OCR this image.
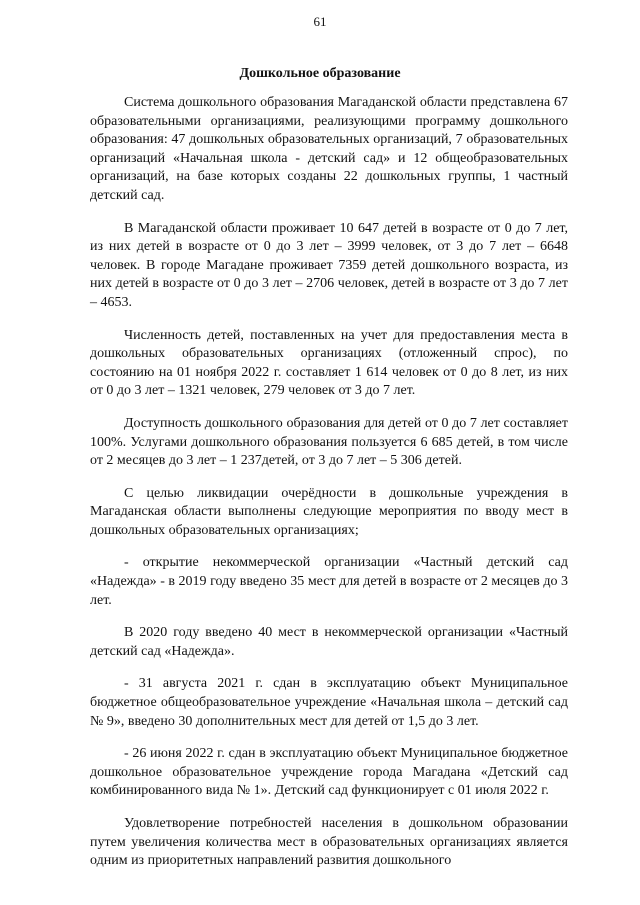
61
Дошкольное образование

Система дошкольного образования Магаданской области представлена 67 образовательными организациями, реализующими программу дошкольного образования: 47 дошкольных образовательных организаций, 7 образовательных организаций «Начальная школа - детский сад» и 12 общеобразовательных организаций, на базе которых созданы 22 дошкольных группы, 1 частный детский сад.

В Магаданской области проживает 10 647 детей в возрасте от 0 до 7 лет, из них детей в возрасте от 0 до 3 лет – 3999 человек, от 3 до 7 лет – 6648 человек. В городе Магадане проживает 7359 детей дошкольного возраста, из них детей в возрасте от 0 до 3 лет – 2706 человек, детей в возрасте от 3 до 7 лет – 4653.

Численность детей, поставленных на учет для предоставления места в дошкольных образовательных организациях (отложенный спрос), по состоянию на 01 ноября 2022 г. составляет 1 614 человек от 0 до 8 лет, из них от 0 до 3 лет – 1321 человек, 279 человек от 3 до 7 лет.

Доступность дошкольного образования для детей от 0 до 7 лет составляет 100%. Услугами дошкольного образования пользуется 6 685 детей, в том числе от 2 месяцев до 3 лет – 1 237детей, от 3 до 7 лет – 5 306 детей.

С целью ликвидации очерёдности в дошкольные учреждения в Магаданская области выполнены следующие мероприятия по вводу мест в дошкольных образовательных организациях;

- открытие некоммерческой организации «Частный детский сад «Надежда» - в 2019 году введено 35 мест для детей в возрасте от 2 месяцев до 3 лет.

В 2020 году введено 40 мест в некоммерческой организации «Частный детский сад «Надежда».

- 31 августа 2021 г. сдан в эксплуатацию объект Муниципальное бюджетное общеобразовательное учреждение «Начальная школа – детский сад № 9», введено 30 дополнительных мест для детей от 1,5 до 3 лет.

- 26 июня 2022 г. сдан в эксплуатацию объект Муниципальное бюджетное дошкольное образовательное учреждение города Магадана «Детский сад комбинированного вида № 1». Детский сад функционирует с 01 июля 2022 г.

Удовлетворение потребностей населения в дошкольном образовании путем увеличения количества мест в образовательных организациях является одним из приоритетных направлений развития дошкольного
